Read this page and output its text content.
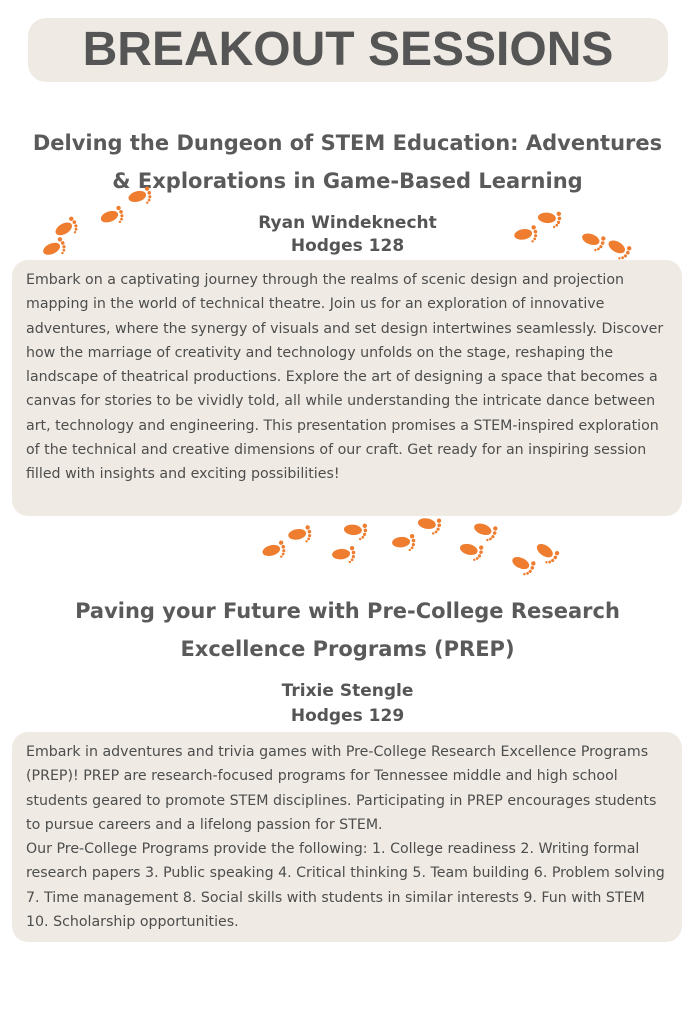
BREAKOUT SESSIONS
Delving the Dungeon of STEM Education: Adventures
& Explorations in Game-Based Learning
Ryan Windeknecht
Hodges 128

Embark on a captivating journey through the realms of scenic design and projection mapping in the world of technical theatre. Join us for an exploration of innovative adventures, where the synergy of visuals and set design intertwines seamlessly. Discover how the marriage of creativity and technology unfolds on the stage, reshaping the landscape of theatrical productions. Explore the art of designing a space that becomes a canvas for stories to be vividly told, all while understanding the intricate dance between art, technology and engineering. This presentation promises a STEM-inspired exploration of the technical and creative dimensions of our craft. Get ready for an inspiring session filled with insights and exciting possibilities!

Paving your Future with Pre-College Research
Excellence Programs (PREP)
Trixie Stengle
Hodges 129

Embark in adventures and trivia games with Pre-College Research Excellence Programs (PREP)! PREP are research-focused programs for Tennessee middle and high school students geared to promote STEM disciplines. Participating in PREP encourages students to pursue careers and a lifelong passion for STEM.

Our Pre-College Programs provide the following: 1. College readiness 2. Writing formal research papers 3. Public speaking 4. Critical thinking 5. Team building 6. Problem solving 7. Time management 8. Social skills with students in similar interests 9. Fun with STEM 10. Scholarship opportunities.
